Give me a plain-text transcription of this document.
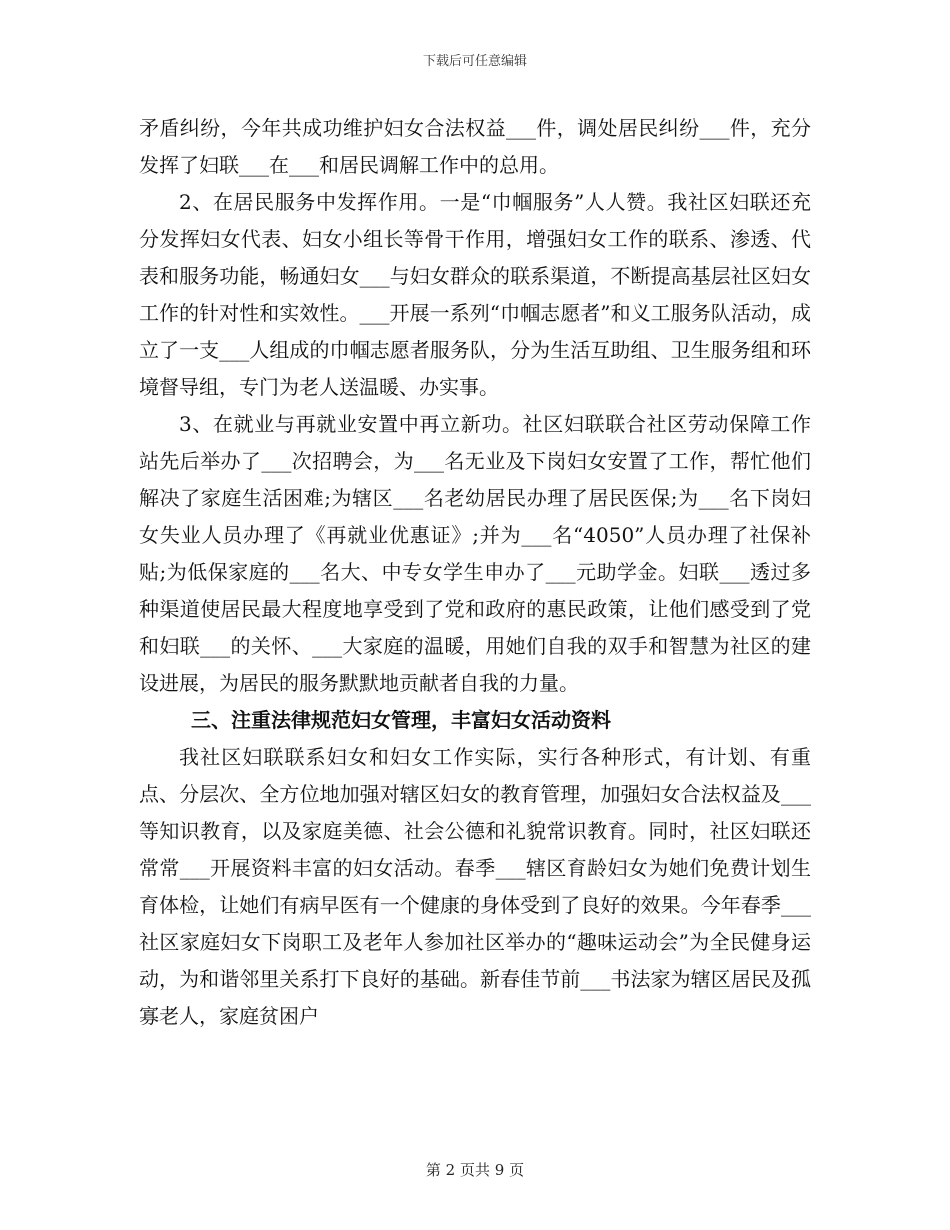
下载后可任意编辑

矛盾纠纷，今年共成功维护妇女合法权益___件，调处居民纠纷___件，充分发挥了妇联___在___和居民调解工作中的总用。

2、在居民服务中发挥作用。一是“巾帼服务”人人赞。我社区妇联还充分发挥妇女代表、妇女小组长等骨干作用，增强妇女工作的联系、渗透、代表和服务功能，畅通妇女___与妇女群众的联系渠道，不断提高基层社区妇女工作的针对性和实效性。___开展一系列“巾帼志愿者”和义工服务队活动，成立了一支___人组成的巾帼志愿者服务队，分为生活互助组、卫生服务组和环境督导组，专门为老人送温暖、办实事。

3、在就业与再就业安置中再立新功。社区妇联联合社区劳动保障工作站先后举办了___次招聘会，为___名无业及下岗妇女安置了工作，帮忙他们解决了家庭生活困难;为辖区___名老幼居民办理了居民医保;为___名下岗妇女失业人员办理了《再就业优惠证》;并为___名“4050”人员办理了社保补贴;为低保家庭的___名大、中专女学生申办了___元助学金。妇联___透过多种渠道使居民最大程度地享受到了党和政府的惠民政策，让他们感受到了党和妇联___的关怀、___大家庭的温暖，用她们自我的双手和智慧为社区的建设进展，为居民的服务默默地贡献者自我的力量。

三、注重法律规范妇女管理，丰富妇女活动资料

我社区妇联联系妇女和妇女工作实际，实行各种形式，有计划、有重点、分层次、全方位地加强对辖区妇女的教育管理，加强妇女合法权益及___等知识教育，以及家庭美德、社会公德和礼貌常识教育。同时，社区妇联还常常___开展资料丰富的妇女活动。春季___辖区育龄妇女为她们免费计划生育体检，让她们有病早医有一个健康的身体受到了良好的效果。今年春季___社区家庭妇女下岗职工及老年人参加社区举办的“趣味运动会”为全民健身运动，为和谐邻里关系打下良好的基础。新春佳节前___书法家为辖区居民及孤寡老人，家庭贫困户

第 2 页共 9 页
